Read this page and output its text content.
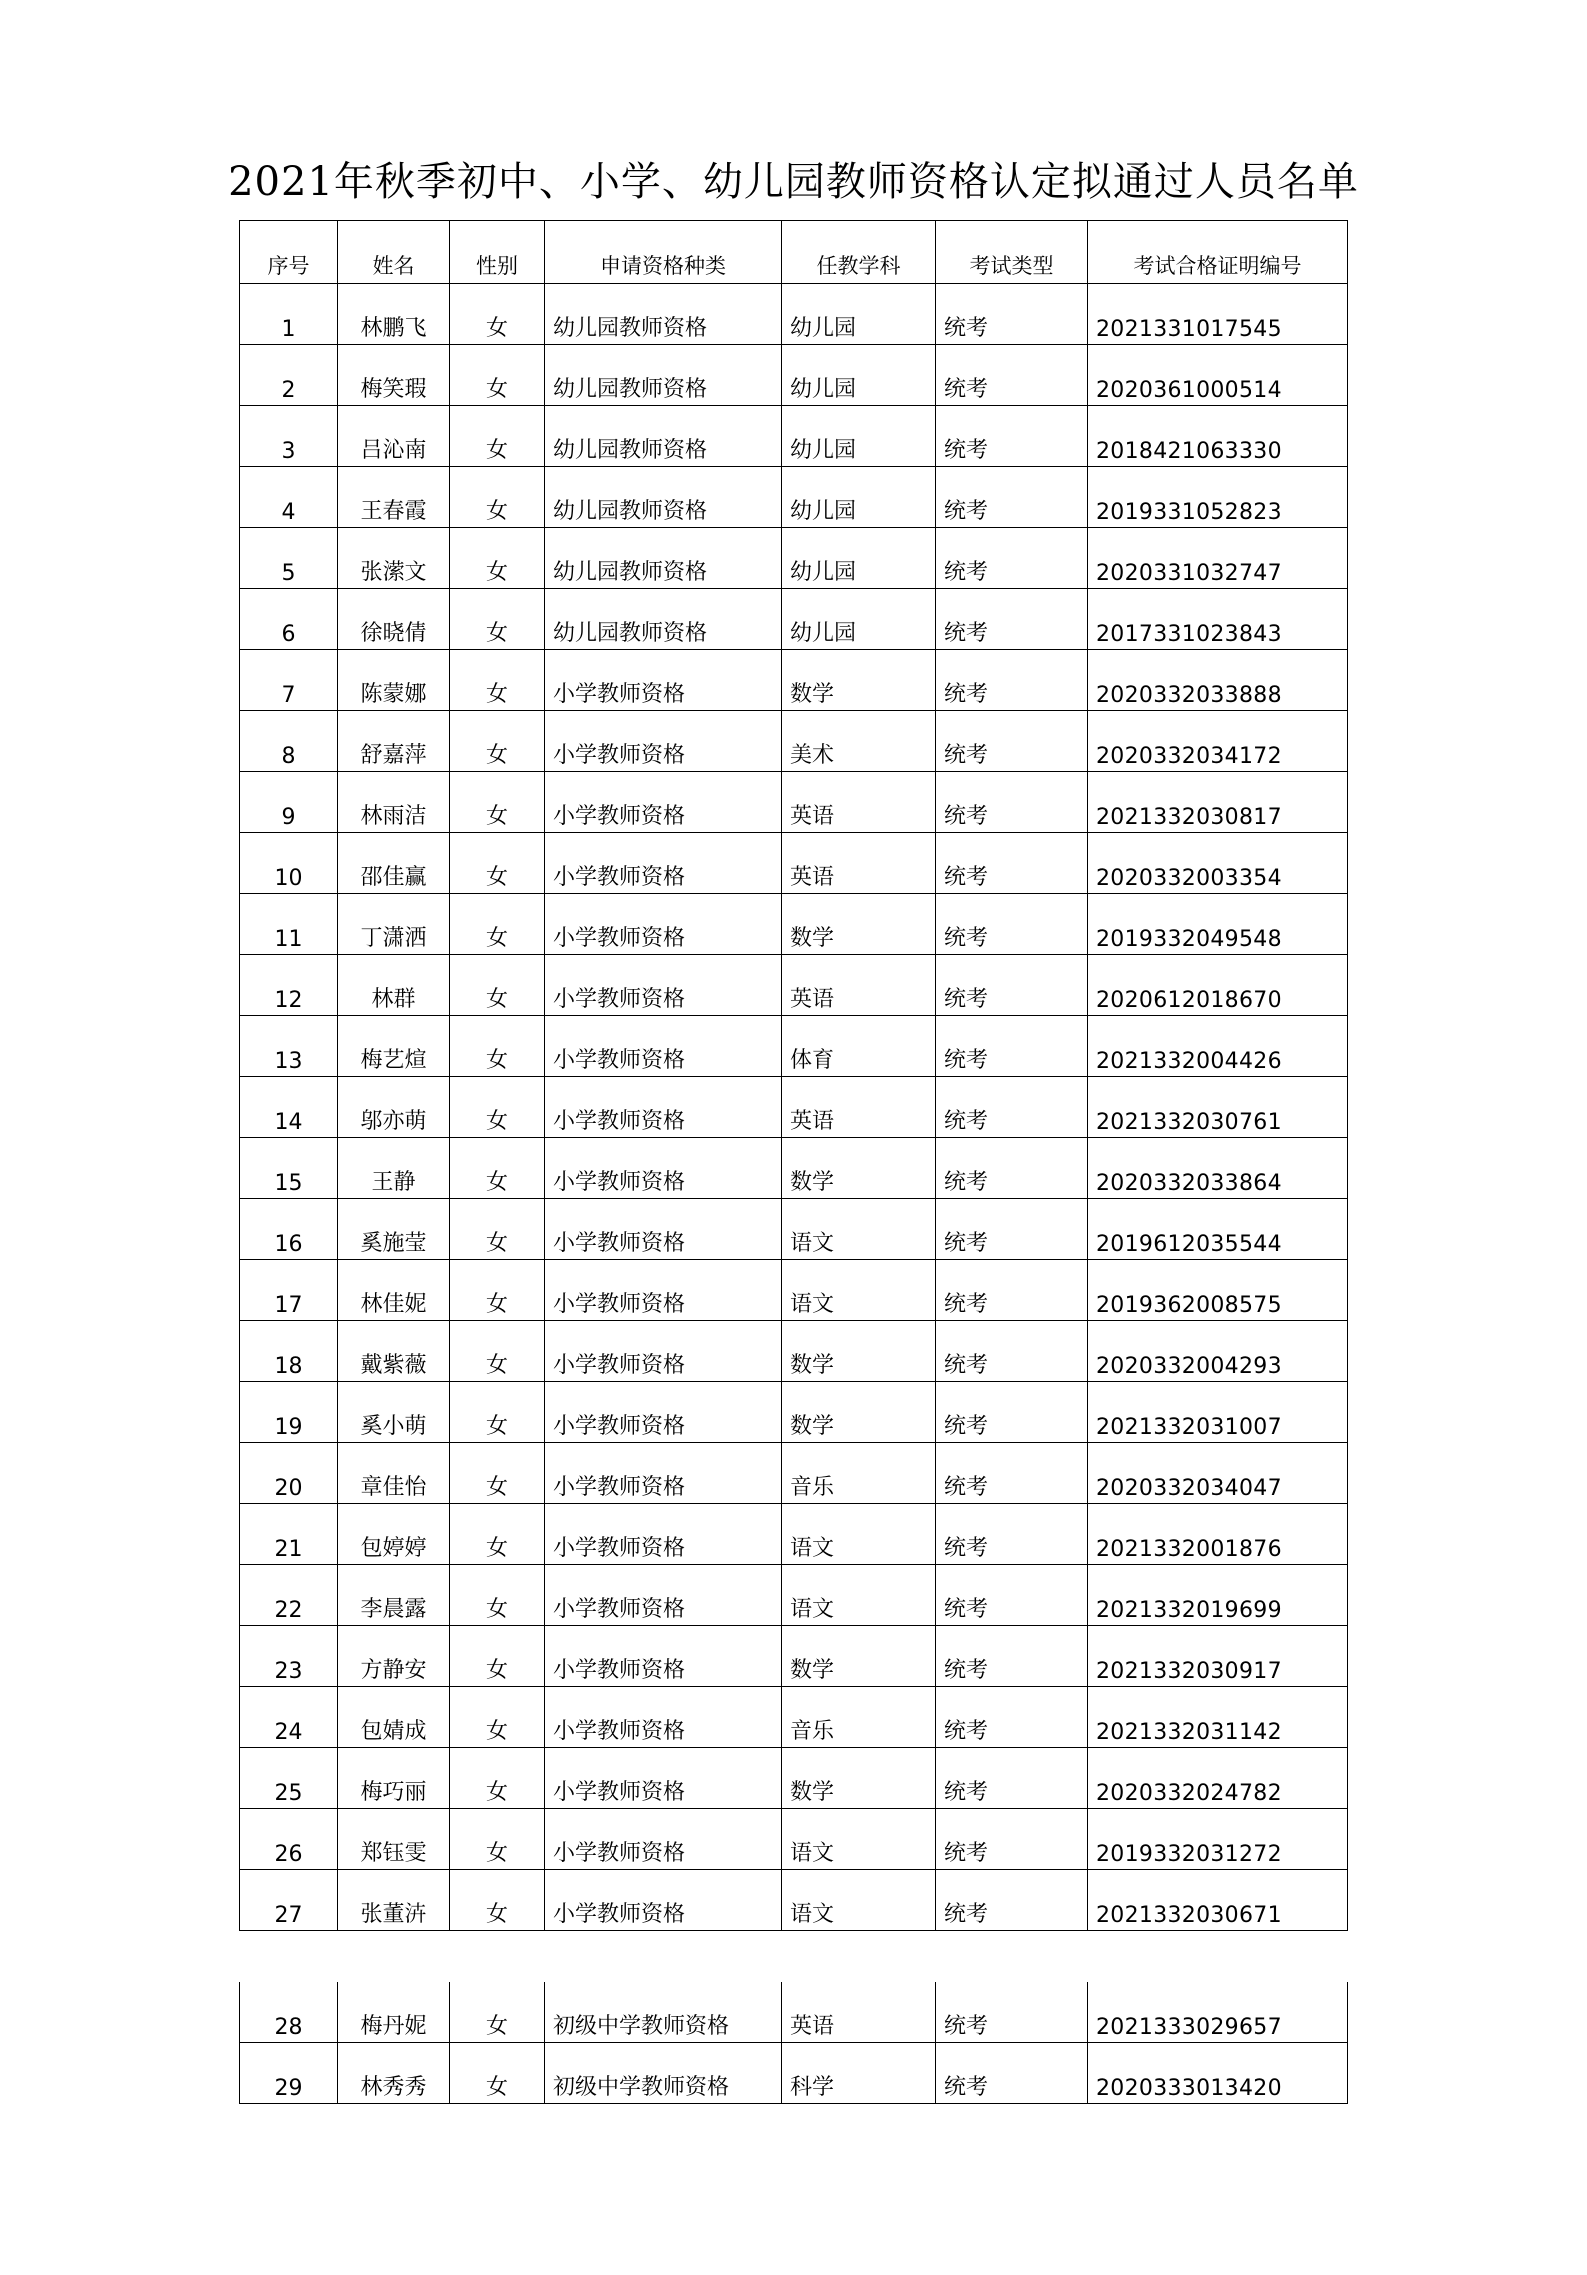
2021年秋季初中、小学、幼儿园教师资格认定拟通过人员名单
序号	姓名	性别	申请资格种类	任教学科	考试类型	考试合格证明编号
1	林鹏飞	女	幼儿园教师资格	幼儿园	统考	2021331017545
2	梅笑瑕	女	幼儿园教师资格	幼儿园	统考	2020361000514
3	吕沁南	女	幼儿园教师资格	幼儿园	统考	2018421063330
4	王春霞	女	幼儿园教师资格	幼儿园	统考	2019331052823
5	张潆文	女	幼儿园教师资格	幼儿园	统考	2020331032747
6	徐晓倩	女	幼儿园教师资格	幼儿园	统考	2017331023843
7	陈蒙娜	女	小学教师资格	数学	统考	2020332033888
8	舒嘉萍	女	小学教师资格	美术	统考	2020332034172
9	林雨洁	女	小学教师资格	英语	统考	2021332030817
10	邵佳赢	女	小学教师资格	英语	统考	2020332003354
11	丁潇洒	女	小学教师资格	数学	统考	2019332049548
12	林群	女	小学教师资格	英语	统考	2020612018670
13	梅艺煊	女	小学教师资格	体育	统考	2021332004426
14	邬亦萌	女	小学教师资格	英语	统考	2021332030761
15	王静	女	小学教师资格	数学	统考	2020332033864
16	奚施莹	女	小学教师资格	语文	统考	2019612035544
17	林佳妮	女	小学教师资格	语文	统考	2019362008575
18	戴紫薇	女	小学教师资格	数学	统考	2020332004293
19	奚小萌	女	小学教师资格	数学	统考	2021332031007
20	章佳怡	女	小学教师资格	音乐	统考	2020332034047
21	包婷婷	女	小学教师资格	语文	统考	2021332001876
22	李晨露	女	小学教师资格	语文	统考	2021332019699
23	方静安	女	小学教师资格	数学	统考	2021332030917
24	包婧成	女	小学教师资格	音乐	统考	2021332031142
25	梅巧丽	女	小学教师资格	数学	统考	2020332024782
26	郑钰雯	女	小学教师资格	语文	统考	2019332031272
27	张董泋	女	小学教师资格	语文	统考	2021332030671
28	梅丹妮	女	初级中学教师资格	英语	统考	2021333029657
29	林秀秀	女	初级中学教师资格	科学	统考	2020333013420
